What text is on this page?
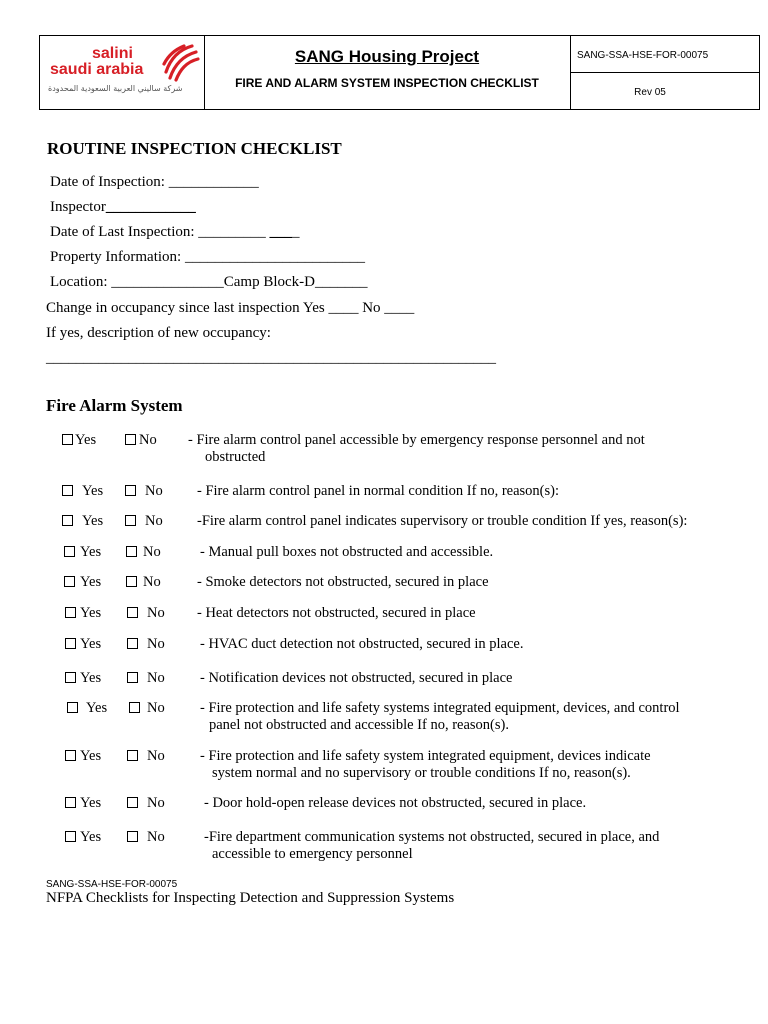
salini
saudi arabia
شركة ساليني العربية السعودية المحدودة
SANG Housing Project
FIRE AND ALARM SYSTEM INSPECTION CHECKLIST
SANG-SSA-HSE-FOR-00075
Rev 05
ROUTINE INSPECTION CHECKLIST
Date of Inspection: ____________
Inspector____________
Date of Last Inspection: _________ ____
Property Information: ________________________
Location: _______________Camp Block-D_______
Change in occupancy since last inspection Yes ____ No ____
If yes, description of new occupancy:
____________________________________________________________
Fire Alarm System
Yes	No - Fire alarm control panel accessible by emergency response personnel and not
obstructed
Yes	No - Fire alarm control panel in normal condition If no, reason(s):
Yes	No -Fire alarm control panel indicates supervisory or trouble condition If yes, reason(s):
Yes	No	- Manual pull boxes not obstructed and accessible.
Yes	No	- Smoke detectors not obstructed, secured in place
Yes	No - Heat detectors not obstructed, secured in place
Yes	No - HVAC duct detection not obstructed, secured in place.
Yes	No - Notification devices not obstructed, secured in place
Yes	No - Fire protection and life safety systems integrated equipment, devices, and control
panel not obstructed and accessible If no, reason(s).
Yes	No - Fire protection and life safety system integrated equipment, devices indicate
system normal and no supervisory or trouble conditions If no, reason(s).
Yes	No	- Door hold-open release devices not obstructed, secured in place.
Yes	No	-Fire department communication systems not obstructed, secured in place, and
accessible to emergency personnel
SANG-SSA-HSE-FOR-00075
NFPA Checklists for Inspecting Detection and Suppression Systems
